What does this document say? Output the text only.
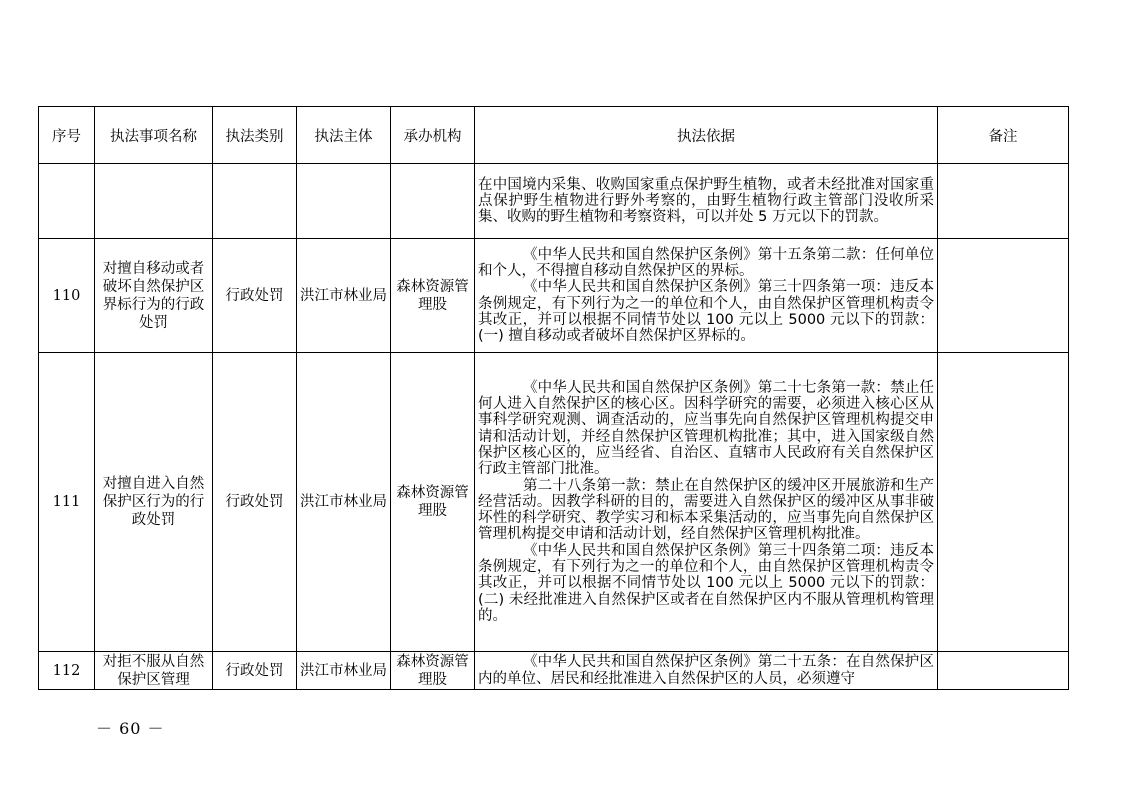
序号	执法事项名称	执法类别	执法主体	承办机构	执法依据	备注

					在中国境内采集、收购国家重点保护野生植物，或者未经批准对国家重点保护野生植物进行野外考察的，由野生植物行政主管部门没收所采集、收购的野生植物和考察资料，可以并处 5 万元以下的罚款。	

110	对擅自移动或者破坏自然保护区界标行为的行政处罚	行政处罚	洪江市林业局	森林资源管理股	《中华人民共和国自然保护区条例》第十五条第二款：任何单位和个人，不得擅自移动自然保护区的界标。

《中华人民共和国自然保护区条例》第三十四条第一项：违反本条例规定，有下列行为之一的单位和个人，由自然保护区管理机构责令其改正，并可以根据不同情节处以 100 元以上 5000 元以下的罚款：(一) 擅自移动或者破坏自然保护区界标的。	

111	对擅自进入自然保护区行为的行政处罚	行政处罚	洪江市林业局	森林资源管理股	《中华人民共和国自然保护区条例》第二十七条第一款：禁止任何人进入自然保护区的核心区。因科学研究的需要，必须进入核心区从事科学研究观测、调查活动的，应当事先向自然保护区管理机构提交申请和活动计划，并经自然保护区管理机构批准；其中，进入国家级自然保护区核心区的，应当经省、自治区、直辖市人民政府有关自然保护区行政主管部门批准。

第二十八条第一款：禁止在自然保护区的缓冲区开展旅游和生产经营活动。因教学科研的目的，需要进入自然保护区的缓冲区从事非破坏性的科学研究、教学实习和标本采集活动的，应当事先向自然保护区管理机构提交申请和活动计划，经自然保护区管理机构批准。

《中华人民共和国自然保护区条例》第三十四条第二项：违反本条例规定，有下列行为之一的单位和个人，由自然保护区管理机构责令其改正，并可以根据不同情节处以 100 元以上 5000 元以下的罚款：(二) 未经批准进入自然保护区或者在自然保护区内不服从管理机构管理的。	

112	对拒不服从自然保护区管理	行政处罚	洪江市林业局	森林资源管理股	《中华人民共和国自然保护区条例》第二十五条：在自然保护区内的单位、居民和经批准进入自然保护区的人员，必须遵守	

－ 60 －
